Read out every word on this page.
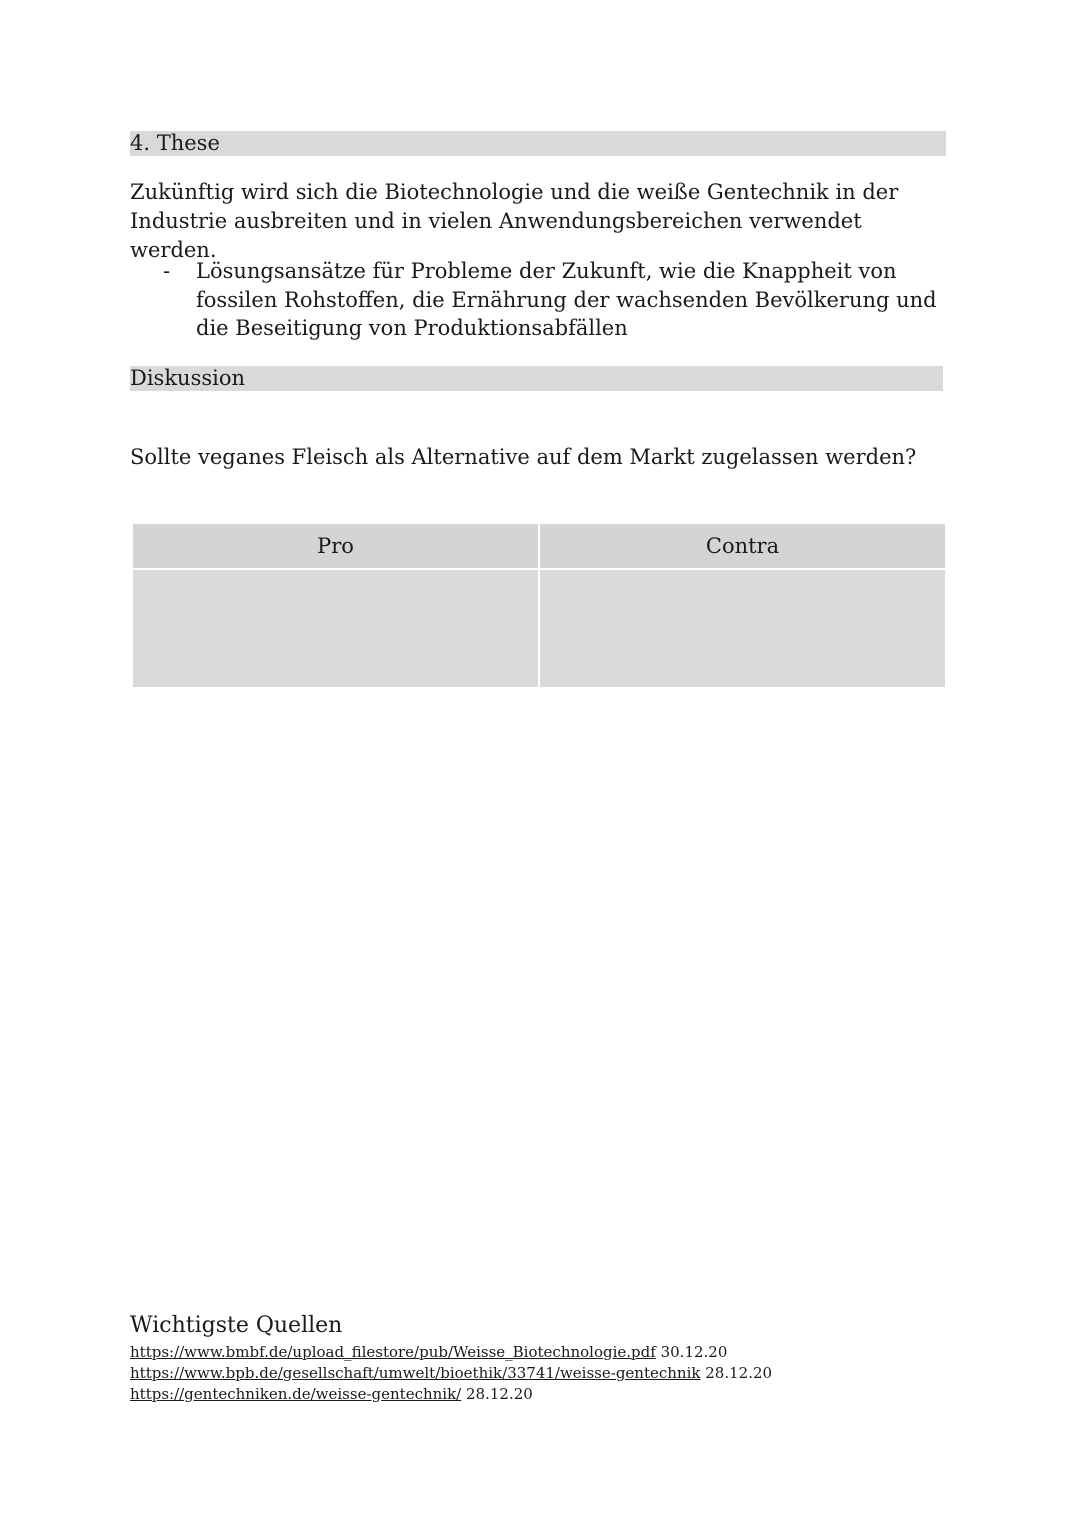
4. These
Zukünftig wird sich die Biotechnologie und die weiße Gentechnik in der Industrie ausbreiten und in vielen Anwendungsbereichen verwendet werden.
- Lösungsansätze für Probleme der Zukunft, wie die Knappheit von fossilen Rohstoffen, die Ernährung der wachsenden Bevölkerung und die Beseitigung von Produktionsabfällen
Diskussion
Sollte veganes Fleisch als Alternative auf dem Markt zugelassen werden?
Pro	Contra

Wichtigste Quellen
https://www.bmbf.de/upload_filestore/pub/Weisse_Biotechnologie.pdf 30.12.20
https://www.bpb.de/gesellschaft/umwelt/bioethik/33741/weisse-gentechnik 28.12.20
https://gentechniken.de/weisse-gentechnik/ 28.12.20
